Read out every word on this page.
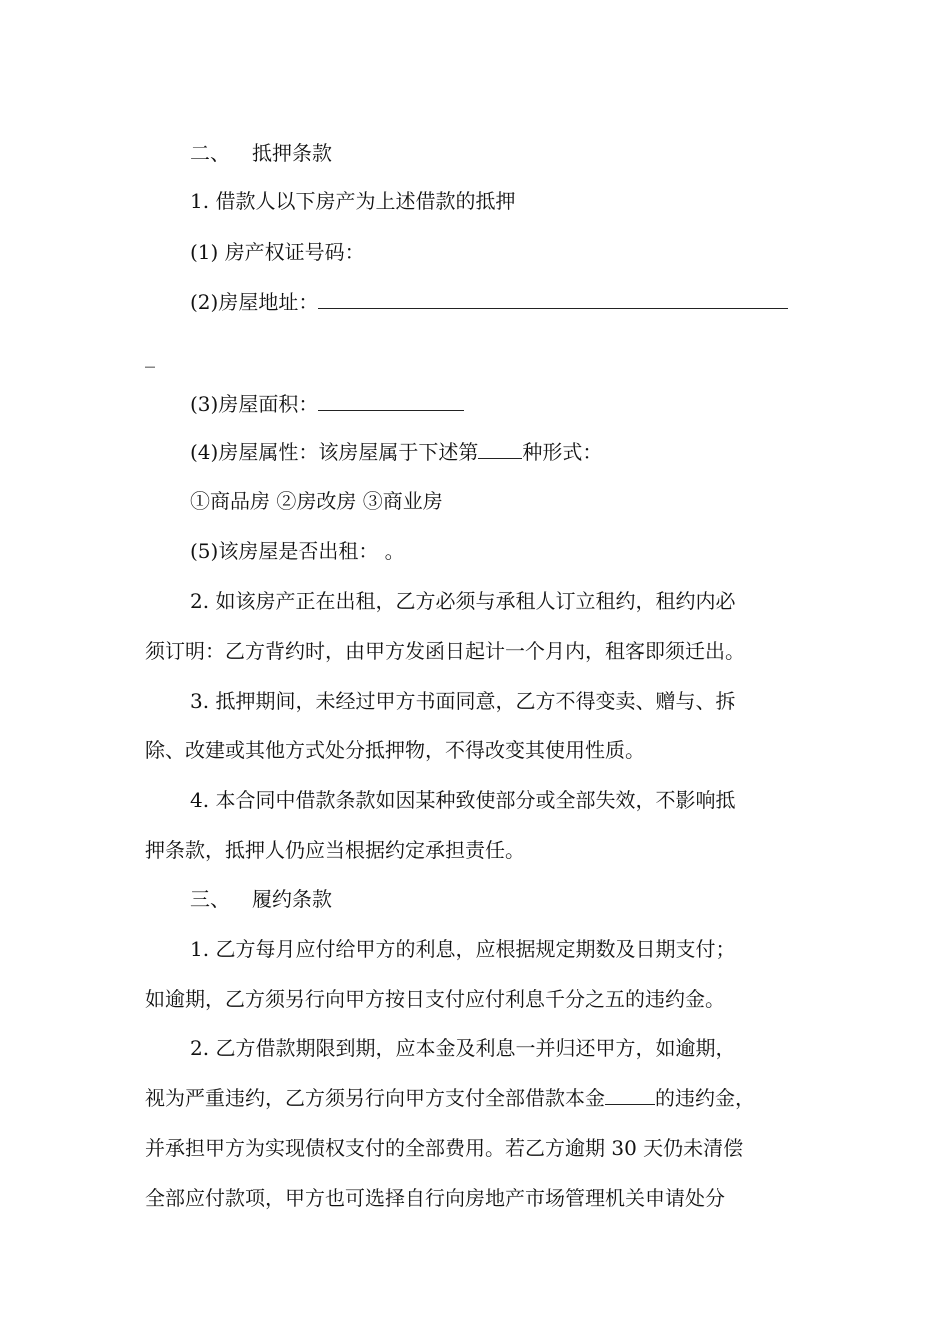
二、 抵押条款
1. 借款人以下房产为上述借款的抵押
(1) 房产权证号码：
(2)房屋地址：
_
(3)房屋面积：
(4)房屋属性：该房屋属于下述第 种形式：
①商品房 ②房改房 ③商业房
(5)该房屋是否出租： 。
2. 如该房产正在出租，乙方必须与承租人订立租约，租约内必
须订明：乙方背约时，由甲方发函日起计一个月内，租客即须迁出。
3. 抵押期间，未经过甲方书面同意，乙方不得变卖、赠与、拆
除、改建或其他方式处分抵押物，不得改变其使用性质。
4. 本合同中借款条款如因某种致使部分或全部失效，不影响抵
押条款，抵押人仍应当根据约定承担责任。
三、 履约条款
1. 乙方每月应付给甲方的利息，应根据规定期数及日期支付；
如逾期，乙方须另行向甲方按日支付应付利息千分之五的违约金。
2. 乙方借款期限到期，应本金及利息一并归还甲方，如逾期，
视为严重违约，乙方须另行向甲方支付全部借款本金	的违约金，
并承担甲方为实现债权支付的全部费用。若乙方逾期 30 天仍未清偿
全部应付款项，甲方也可选择自行向房地产市场管理机关申请处分
